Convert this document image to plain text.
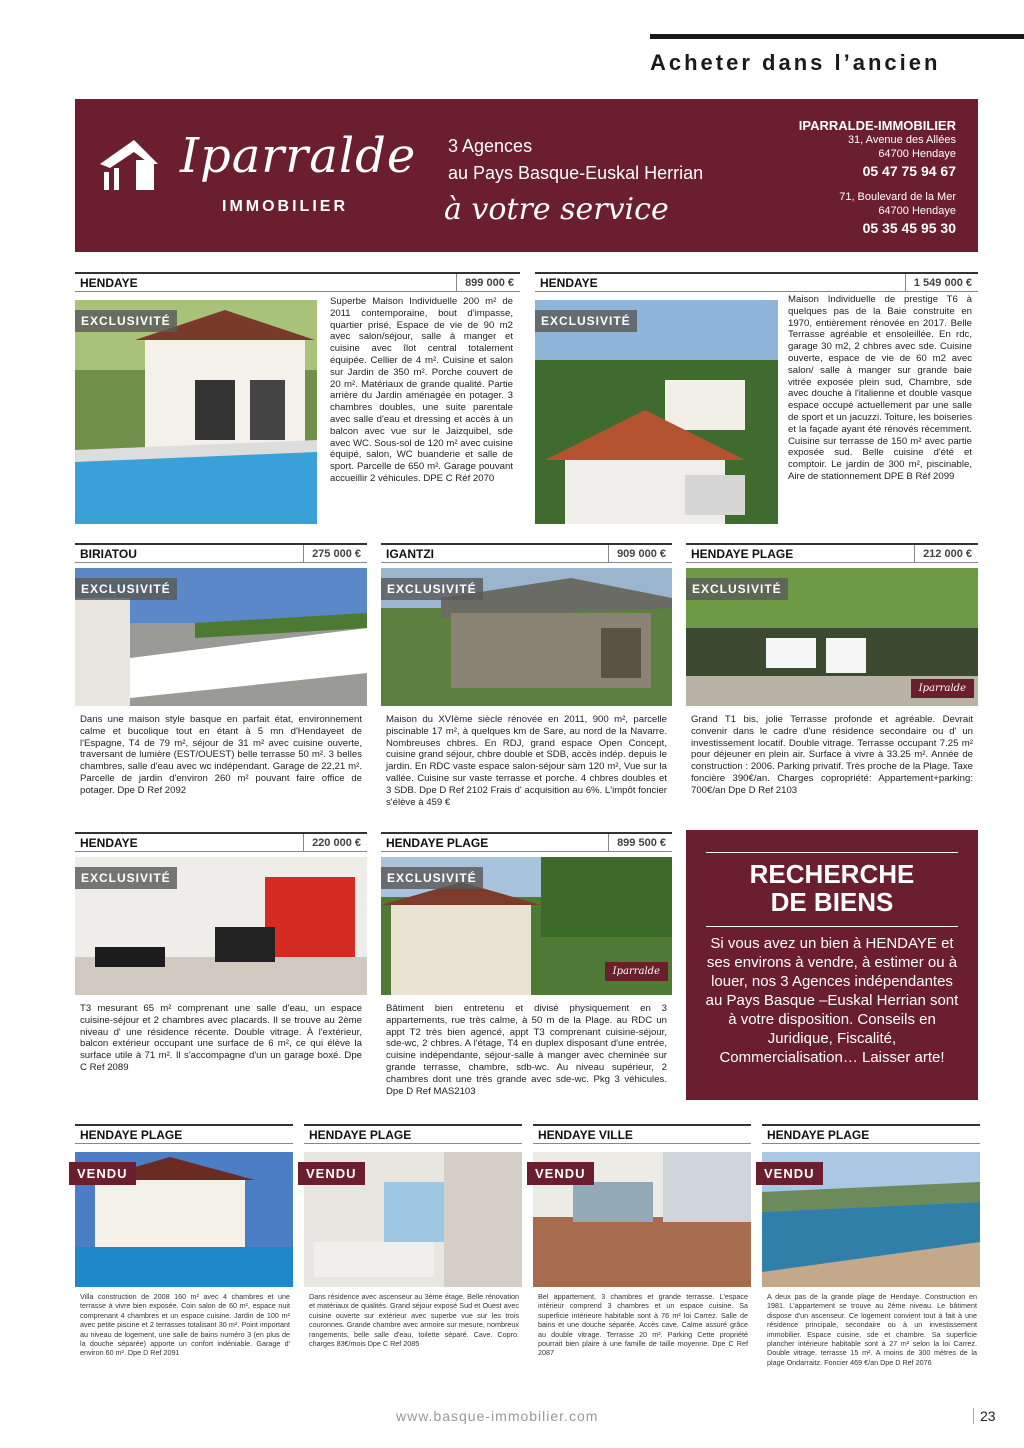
Acheter dans l’ancien
Iparralde
IMMOBILIER
3 Agences
au Pays Basque-Euskal Herrian
à votre service
IPARRALDE-IMMOBILIER
31, Avenue des Allées
64700 Hendaye
05 47 75 94 67
71, Boulevard de la Mer
64700 Hendaye
05 35 45 95 30
HENDAYE	899 000 €
EXCLUSIVITÉ
Superbe Maison Individuelle 200 m² de 2011 contemporaine, bout d'impasse, quartier prisé, Espace de vie de 90 m2 avec salon/séjour, salle à manger et cuisine avec îlot central totalement équipée. Cellier de 4 m². Cuisine et salon sur Jardin de 350 m². Porche couvert de 20 m². Matériaux de grande qualité. Partie arrière du Jardin aménagée en potager. 3 chambres doubles, une suite parentale avec salle d'eau et dressing et accès à un balcon avec vue sur le Jaizquibel, sde avec WC. Sous-sol de 120 m² avec cuisine équipé, salon, WC buanderie et salle de sport. Parcelle de 650 m². Garage pouvant accueillir 2 véhicules. DPE C Réf 2070
HENDAYE	1 549 000 €
EXCLUSIVITÉ
Maison Individuelle de prestige T6 à quelques pas de la Baie construite en 1970, entièrement rénovée en 2017. Belle Terrasse agréable et ensoleillée. En rdc, garage 30 m2, 2 chbres avec sde. Cuisine ouverte, espace de vie de 60 m2 avec salon/ salle à manger sur grande baie vitrée exposée plein sud, Chambre, sde avec douche à l'italienne et double vasque espace occupé actuellement par une salle de sport et un jacuzzi. Toiture, les boiseries et la façade ayant été rénovés récemment. Cuisine sur terrasse de 150 m² avec partie exposée sud. Belle cuisine d'été et comptoir. Le jardin de 300 m², piscinable, Aire de stationnement DPE B Réf 2099
BIRIATOU	275 000 €
EXCLUSIVITÉ
Dans une maison style basque en parfait état, environnement calme et bucolique tout en étant à 5 mn d'Hendayeet de l'Espagne, T4 de 79 m², séjour de 31 m² avec cuisine ouverte, traversant de lumière (EST/OUEST) belle terrasse 50 m². 3 belles chambres, salle d'eau avec wc indépendant. Garage de 22,21 m². Parcelle de jardin d'environ 260 m² pouvant faire office de potager. Dpe D Ref 2092
IGANTZI	909 000 €
EXCLUSIVITÉ
Maison du XVIème siècle rénovée en 2011, 900 m², parcelle piscinable 17 m², à quelques km de Sare, au nord de la Navarre. Nombreuses chbres. En RDJ, grand espace Open Concept, cuisine grand séjour, chbre double et SDB, accès indép. depuis le jardin. En RDC vaste espace salon-séjour sàm 120 m², Vue sur la vallée. Cuisine sur vaste terrasse et porche. 4 chbres doubles et 3 SDB. Dpe D Ref 2102 Frais d' acquisition au 6%. L'impôt foncier s'élève à 459 €
HENDAYE PLAGE	212 000 €
EXCLUSIVITÉ
Iparralde
Grand T1 bis, jolie Terrasse profonde et agréable. Devrait convenir dans le cadre d'une résidence secondaire ou d' un investissement locatif. Double vitrage. Terrasse occupant 7.25 m² pour déjeuner en plein air. Surface à vivre à 33.25 m². Année de construction : 2006. Parking privatif. Très proche de la Plage. Taxe foncière 390€/an. Charges copropriété: Appartement+parking: 700€/an Dpe D Ref 2103
HENDAYE	220 000 €
EXCLUSIVITÉ
T3 mesurant 65 m² comprenant une salle d'eau, un espace cuisine-séjour et 2 chambres avec placards. Il se trouve au 2ème niveau d' une résidence récente. Double vitrage. À l'extérieur, balcon extérieur occupant une surface de 6 m², ce qui élève la surface utile à 71 m². Il s'accompagne d'un un garage boxé. Dpe C Ref 2089
HENDAYE PLAGE	899 500 €
EXCLUSIVITÉ
Iparralde
Bâtiment bien entretenu et divisé physiquement en 3 appartements, rue très calme, à 50 m de la Plage. au RDC un appt T2 très bien agencé, appt T3 comprenant cuisine-séjour, sde-wc, 2 chbres. A l'étage, T4 en duplex disposant d'une entrée, cuisine indépendante, séjour-salle à manger avec cheminée sur grande terrasse, chambre, sdb-wc. Au niveau supérieur, 2 chambres dont une très grande avec sde-wc. Pkg 3 véhicules. Dpe D Ref MAS2103
RECHERCHE
DE BIENS
Si vous avez un bien à HENDAYE et ses environs à vendre, à estimer ou à louer, nos 3 Agences indépendantes au Pays Basque –Euskal Herrian sont à votre disposition. Conseils en Juridique, Fiscalité, Commercialisation… Laisser arte!
HENDAYE PLAGE
VENDU
Villa construction de 2008 160 m² avec 4 chambres et une terrasse à vivre bien exposée. Coin salon de 60 m², espace nuit comprenant 4 chambres et un espace cuisine. Jardin de 100 m² avec petite piscine et 2 terrasses totalisant 30 m². Point important au niveau de logement, une salle de bains numéro 3 (en plus de la douche séparée) apporte un confort indéniable. Garage d' environ 60 m². Dpe D Ref 2091
HENDAYE PLAGE
VENDU
Dans résidence avec ascenseur au 3ème étage, Belle rénovation et matériaux de qualités. Grand séjour exposé Sud et Ouest avec cuisine ouverte sur extérieur avec superbe vue sur les trois couronnes. Grande chambre avec armoire sur mesure, nombreux rangements, belle salle d'eau, toilette séparé. Cave. Copro. charges 83€/mois Dpe C Ref 2085
HENDAYE VILLE
VENDU
Bel appartement, 3 chambres et grande terrasse. L'espace intérieur comprend 3 chambres et un espace cuisine. Sa superficie intérieure habitable sont à 76 m² loi Carrez. Salle de bains et une douche séparée. Accès cave. Calme assuré grâce au double vitrage. Terrasse 20 m². Parking Cette propriété pourrait bien plaire à une famille de taille moyenne. Dpe C Ref 2087
HENDAYE PLAGE
VENDU
A deux pas de la grande plage de Hendaye. Construction en 1981. L'appartement se trouve au 2ème niveau. Le bâtiment dispose d'un ascenseur. Ce logement convient tout à fait à une résidence principale, secondaire ou à un investissement immobilier. Espace cuisine, sde et chambre. Sa superficie plancher intérieure habitable sont à 27 m² selon la loi Carrez. Double vitrage. terrasse 15 m². A moins de 300 mètres de la plage Ondarraitz. Foncier 469 €/an Dpe D Ref 2076
www.basque-immobilier.com	23
